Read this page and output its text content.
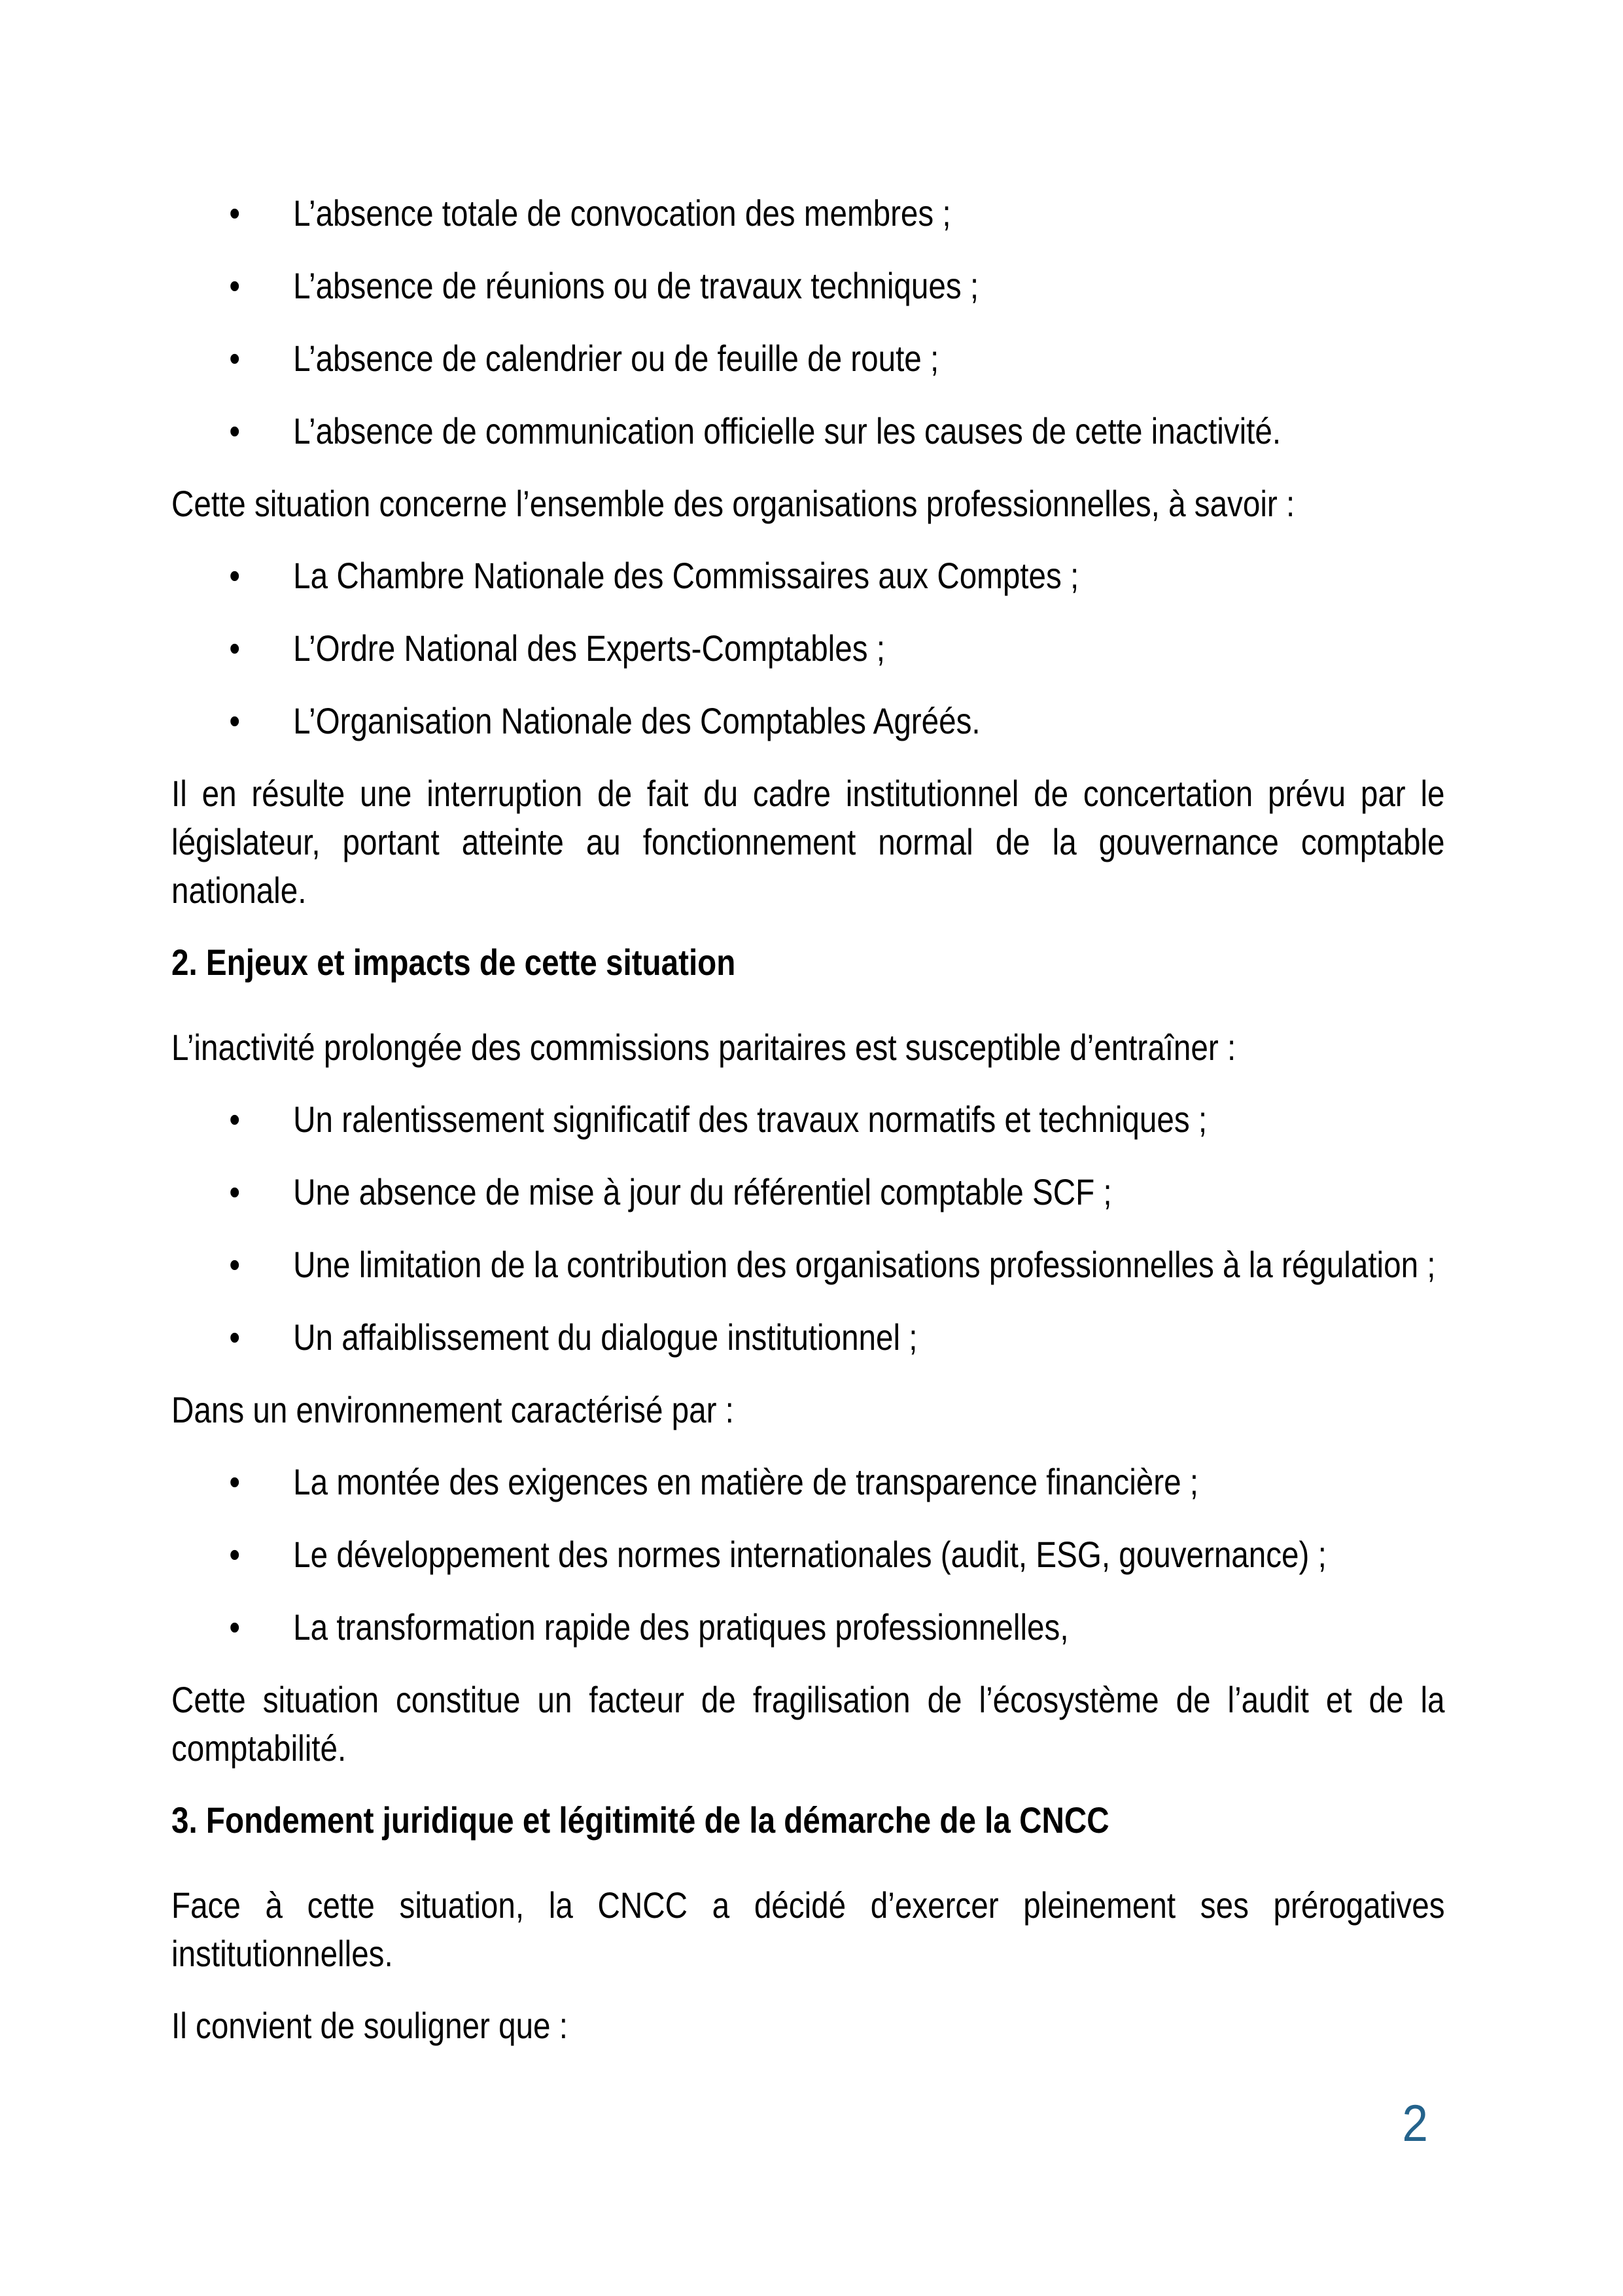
• L’absence totale de convocation des membres ;
• L’absence de réunions ou de travaux techniques ;
• L’absence de calendrier ou de feuille de route ;
• L’absence de communication officielle sur les causes de cette inactivité.

Cette situation concerne l’ensemble des organisations professionnelles, à savoir :

• La Chambre Nationale des Commissaires aux Comptes ;
• L’Ordre National des Experts-Comptables ;
• L’Organisation Nationale des Comptables Agréés.

Il en résulte une interruption de fait du cadre institutionnel de concertation prévu par le législateur, portant atteinte au fonctionnement normal de la gouvernance comptable nationale.

2. Enjeux et impacts de cette situation

L’inactivité prolongée des commissions paritaires est susceptible d’entraîner :

• Un ralentissement significatif des travaux normatifs et techniques ;
• Une absence de mise à jour du référentiel comptable SCF ;
• Une limitation de la contribution des organisations professionnelles à la régulation ;
• Un affaiblissement du dialogue institutionnel ;

Dans un environnement caractérisé par :

• La montée des exigences en matière de transparence financière ;
• Le développement des normes internationales (audit, ESG, gouvernance) ;
• La transformation rapide des pratiques professionnelles,

Cette situation constitue un facteur de fragilisation de l’écosystème de l’audit et de la comptabilité.

3. Fondement juridique et légitimité de la démarche de la CNCC

Face à cette situation, la CNCC a décidé d’exercer pleinement ses prérogatives institutionnelles.

Il convient de souligner que :

2
